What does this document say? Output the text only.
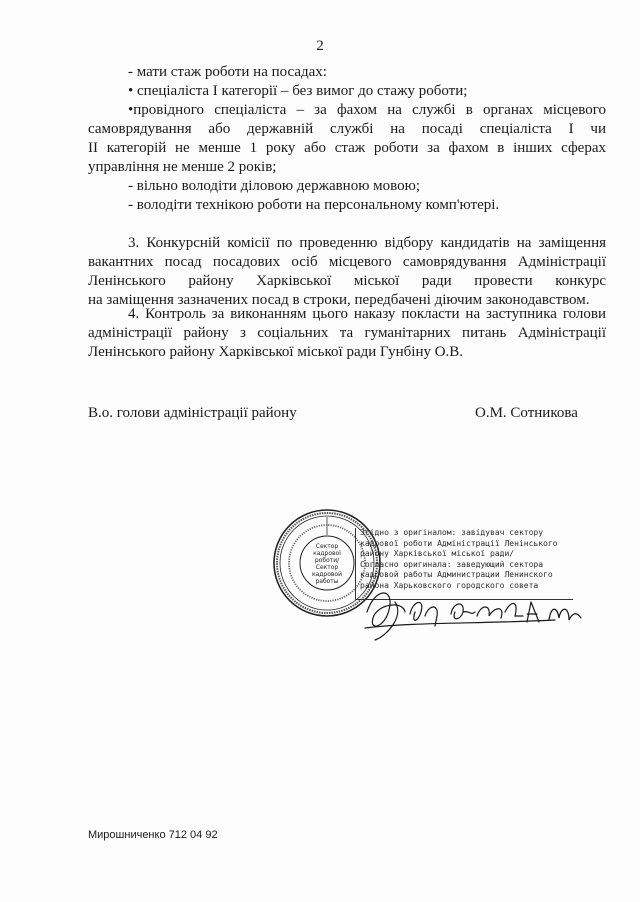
2
- мати стаж роботи на посадах:
• спеціаліста І категорії – без вимог до стажу роботи;
•провідного спеціаліста – за фахом на службі в органах місцевого
самоврядування або державній службі на посаді спеціаліста І чи
ІІ категорій не менше 1 року або стаж роботи за фахом в інших сферах
управління не менше 2 років;
- вільно володіти діловою державною мовою;
- володіти технікою роботи на персональному комп'ютері.
3. Конкурсній комісії по проведенню відбору кандидатів на заміщення
вакантних посад посадових осіб місцевого самоврядування Адміністрації
Ленінського району Харківської міської ради провести конкурс
на заміщення зазначених посад в строки, передбачені діючим законодавством.
4. Контроль за виконанням цього наказу покласти на заступника голови
адміністрації району з соціальних та гуманітарних питань Адміністрації
Ленінського району Харківської міської ради Гунбіну О.В.
В.о. голови адміністрації району	О.М. Сотникова
Сектор
кадрової
роботи/
Сектор
кадровой
работы
Згідно з оригіналом: завідувач сектору
кадрової роботи Адміністрації Ленінського
району Харківської міської ради/
Согласно оригинала: заведующий сектора
кадровой работы Администрации Ленинского
района Харьковского городского совета
Мирошниченко 712 04 92
